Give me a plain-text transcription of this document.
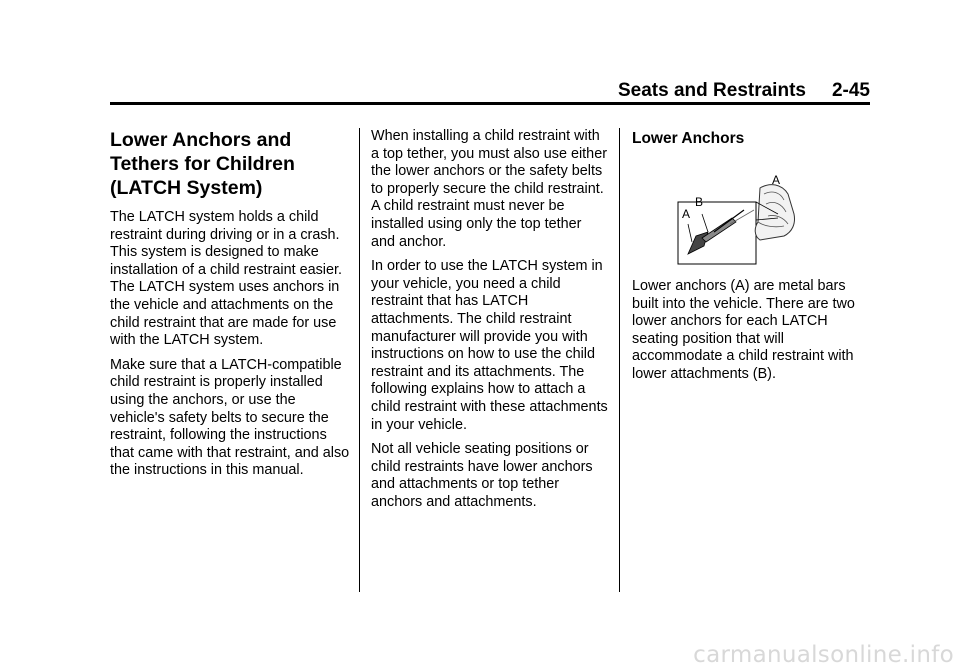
Seats and Restraints 2-45
Lower Anchors and
Tethers for Children
(LATCH System)

The LATCH system holds a child restraint during driving or in a crash. This system is designed to make installation of a child restraint easier. The LATCH system uses anchors in the vehicle and attachments on the child restraint that are made for use with the LATCH system.

Make sure that a LATCH-compatible child restraint is properly installed using the anchors, or use the vehicle's safety belts to secure the restraint, following the instructions that came with that restraint, and also the instructions in this manual.

When installing a child restraint with a top tether, you must also use either the lower anchors or the safety belts to properly secure the child restraint. A child restraint must never be installed using only the top tether and anchor.

In order to use the LATCH system in your vehicle, you need a child restraint that has LATCH attachments. The child restraint manufacturer will provide you with instructions on how to use the child restraint and its attachments. The following explains how to attach a child restraint with these attachments in your vehicle.

Not all vehicle seating positions or child restraints have lower anchors and attachments or top tether anchors and attachments.

Lower Anchors
A
B
A

Lower anchors (A) are metal bars built into the vehicle. There are two lower anchors for each LATCH seating position that will accommodate a child restraint with lower attachments (B).

carmanualsonline.info
